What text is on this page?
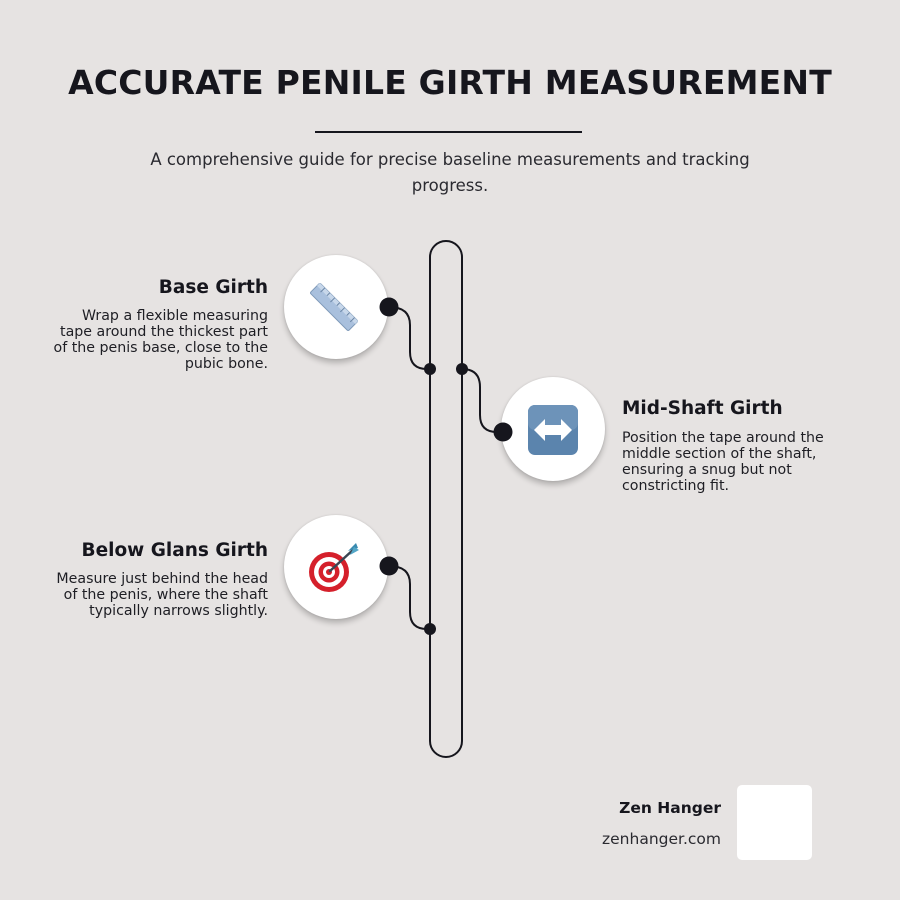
ACCURATE PENILE GIRTH MEASUREMENT
A comprehensive guide for precise baseline measurements and tracking progress.
Base Girth
Wrap a flexible measuring tape around the thickest part of the penis base, close to the pubic bone.
Mid-Shaft Girth
Position the tape around the middle section of the shaft, ensuring a snug but not constricting fit.
Below Glans Girth
Measure just behind the head of the penis, where the shaft typically narrows slightly.
Zen Hanger
zenhanger.com
